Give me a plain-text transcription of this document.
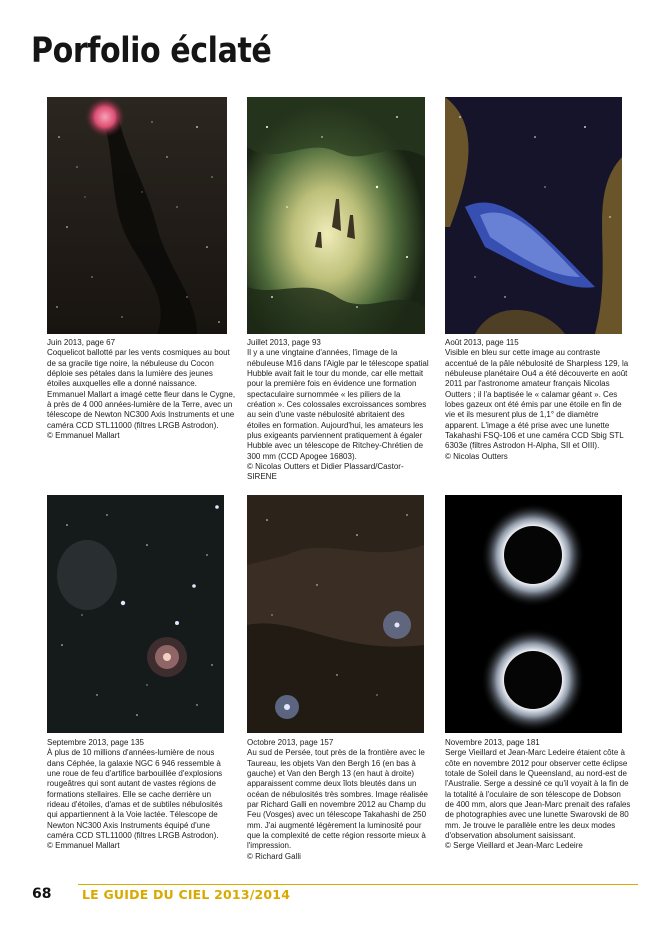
Porfolio éclaté
Juin 2013, page 67
Coquelicot ballotté par les vents cosmiques au bout de sa gracile tige noire, la nébuleuse du Cocon déploie ses pétales dans la lumière des jeunes étoiles auxquelles elle a donné naissance. Emmanuel Mallart a imagé cette fleur dans le Cygne, à près de 4 000 années-lumière de la Terre, avec un télescope de Newton NC300 Axis Instruments et une caméra CCD STL11000 (filtres LRGB Astrodon).
© Emmanuel Mallart
Juillet 2013, page 93
Il y a une vingtaine d'années, l'image de la nébuleuse M16 dans l'Aigle par le télescope spatial Hubble avait fait le tour du monde, car elle mettait pour la première fois en évidence une formation spectaculaire surnommée « les piliers de la création ». Ces colossales excroissances sombres au sein d'une vaste nébulosité abritaient des étoiles en formation. Aujourd'hui, les amateurs les plus exigeants parviennent pratiquement à égaler Hubble avec un télescope de Ritchey-Chrétien de 300 mm (CCD Apogee 16803).
© Nicolas Outters et Didier Plassard/Castor-SIRENE
Août 2013, page 115
Visible en bleu sur cette image au contraste accentué de la pâle nébulosité de Sharpless 129, la nébuleuse planétaire Ou4 a été découverte en août 2011 par l'astronome amateur français Nicolas Outters ; il l'a baptisée le « calamar géant ». Ces lobes gazeux ont été émis par une étoile en fin de vie et ils mesurent plus de 1,1° de diamètre apparent. L'image a été prise avec une lunette Takahashi FSQ-106 et une caméra CCD Sbig STL 6303e (filtres Astrodon H-Alpha, SII et OIII).
© Nicolas Outters
Septembre 2013, page 135
À plus de 10 millions d'années-lumière de nous dans Céphée, la galaxie NGC 6 946 ressemble à une roue de feu d'artifice barbouillée d'explosions rougeâtres qui sont autant de vastes régions de formations stellaires. Elle se cache derrière un rideau d'étoiles, d'amas et de subtiles nébulosités qui appartiennent à la Voie lactée. Télescope de Newton NC300 Axis Instruments équipé d'une caméra CCD STL11000 (filtres LRGB Astrodon).
© Emmanuel Mallart
Octobre 2013, page 157
Au sud de Persée, tout près de la frontière avec le Taureau, les objets Van den Bergh 16 (en bas à gauche) et Van den Bergh 13 (en haut à droite) apparaissent comme deux îlots bleutés dans un océan de nébulosités très sombres. Image réalisée par Richard Galli en novembre 2012 au Champ du Feu (Vosges) avec un télescope Takahashi de 250 mm. J'ai augmenté légèrement la luminosité pour que la complexité de cette région ressorte mieux à l'impression.
© Richard Galli
Novembre 2013, page 181
Serge Vieillard et Jean-Marc Ledeire étaient côte à côte en novembre 2012 pour observer cette éclipse totale de Soleil dans le Queensland, au nord-est de l'Australie. Serge a dessiné ce qu'il voyait à la fin de la totalité à l'oculaire de son télescope de Dobson de 400 mm, alors que Jean-Marc prenait des rafales de photographies avec une lunette Swarovski de 80 mm. Je trouve le parallèle entre les deux modes d'observation absolument saisissant.
© Serge Vieillard et Jean-Marc Ledeire
68 LE GUIDE DU CIEL 2013/2014
